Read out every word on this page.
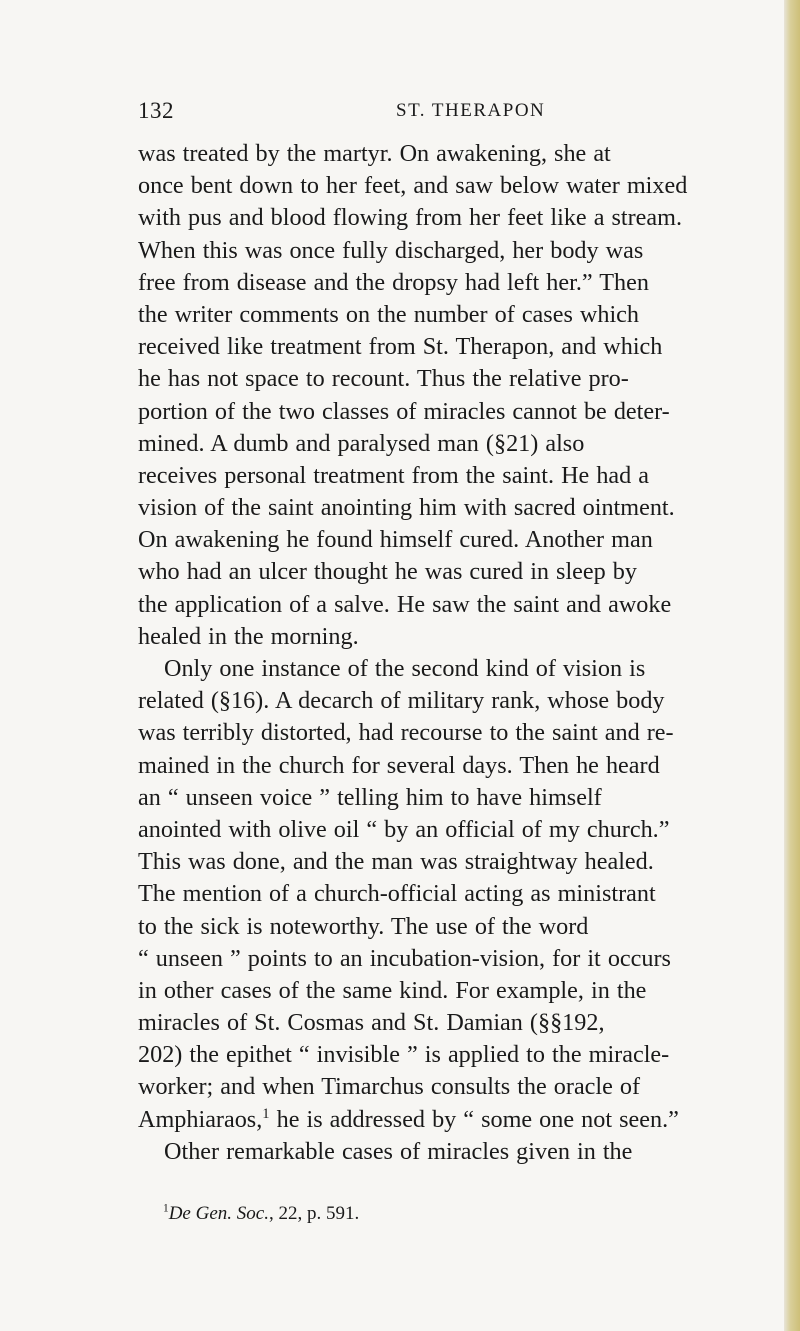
132	ST. THERAPON
was treated by the martyr. On awakening, she at
once bent down to her feet, and saw below water mixed
with pus and blood flowing from her feet like a stream.
When this was once fully discharged, her body was
free from disease and the dropsy had left her.” Then
the writer comments on the number of cases which
received like treatment from St. Therapon, and which
he has not space to recount. Thus the relative pro-
portion of the two classes of miracles cannot be deter-
mined. A dumb and paralysed man (§21) also
receives personal treatment from the saint. He had a
vision of the saint anointing him with sacred ointment.
On awakening he found himself cured. Another man
who had an ulcer thought he was cured in sleep by
the application of a salve. He saw the saint and awoke
healed in the morning.
Only one instance of the second kind of vision is
related (§16). A decarch of military rank, whose body
was terribly distorted, had recourse to the saint and re-
mained in the church for several days. Then he heard
an “ unseen voice ” telling him to have himself
anointed with olive oil “ by an official of my church.”
This was done, and the man was straightway healed.
The mention of a church-official acting as ministrant
to the sick is noteworthy. The use of the word
“ unseen ” points to an incubation-vision, for it occurs
in other cases of the same kind. For example, in the
miracles of St. Cosmas and St. Damian (§§192,
202) the epithet “ invisible ” is applied to the miracle-
worker; and when Timarchus consults the oracle of
Amphiaraos,$^1$ he is addressed by “ some one not seen.”
Other remarkable cases of miracles given in the
$^1$De Gen. Soc., 22, p. 591.
